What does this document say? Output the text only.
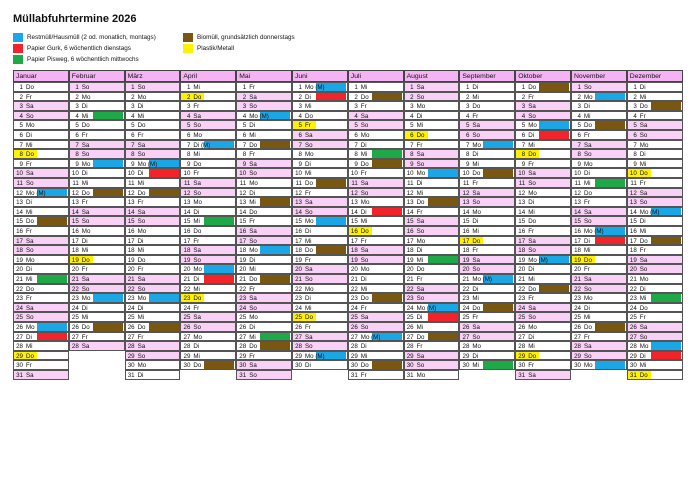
Müllabfuhrtermine 2026
Restmüll/Hausmüll (2 od. monatlich, montags)
Papier Gurk, 6 wöchentlich dienstags
Papier Pisweg, 6 wöchentlich mittwochs
Biomüll, grundsätzlich donnerstags
Plastik/Metall
Januar
1 Do
2 Fr
3 Sa
4 So
5 Mo
6 Di
7 Mi
8 Do
9 Fr
10 Sa
11 So
12 Mo (M)
13 Di
14 Mi
15 Do
16 Fr
17 Sa
18 So
19 Mo
20 Di
21 Mi
22 Do
23 Fr
24 Sa
25 So
26 Mo
27 Di
28 Mi
29 Do
30 Fr
31 Sa
Februar
1 So
2 Mo
3 Di
4 Mi
5 Do
6 Fr
7 Sa
8 So
9 Mo
10 Di
11 Mi
12 Do
13 Fr
14 Sa
15 So
16 Mo
17 Di
18 Mi
19 Do
20 Fr
21 Sa
22 So
23 Mo
24 Di
25 Mi
26 Do
27 Fr
28 Sa
März
1 So
2 Mo
3 Di
4 Mi
5 Do
6 Fr
7 Sa
8 So
9 Mo (M)
10 Di
11 Mi
12 Do
13 Fr
14 Sa
15 So
16 Mo
17 Di
18 Mi
19 Do
20 Fr
21 Sa
22 So
23 Mo
24 Di
25 Mi
26 Do
27 Fr
28 Sa
29 So
30 Mo
31 Di
April
1 Mi
2 Do
3 Fr
4 Sa
5 So
6 Mo
7 Di (M)
8 Mi
9 Do
10 Fr
11 Sa
12 So
13 Mo
14 Di
15 Mi
16 Do
17 Fr
18 Sa
19 So
20 Mo
21 Di
22 Mi
23 Do
24 Fr
25 Sa
26 So
27 Mo
28 Di
29 Mi
30 Do
Mai
1 Fr
2 Sa
3 So
4 Mo (M)
5 Di
6 Mi
7 Do
8 Fr
9 Sa
10 So
11 Mo
12 Di
13 Mi
14 Do
15 Fr
16 Sa
17 So
18 Mo
19 Di
20 Mi
21 Do
22 Fr
23 Sa
24 So
25 Mo
26 Di
27 Mi
28 Do
29 Fr
30 Sa
31 So
Juni
1 Mo (M)
2 Di
3 Mi
4 Do
5 Fr
6 Sa
7 So
8 Mo
9 Di
10 Mi
11 Do
12 Fr
13 Sa
14 So
15 Mo
16 Di
17 Mi
18 Do
19 Fr
20 Sa
21 So
22 Mo
23 Di
24 Mi
25 Do
26 Fr
27 Sa
28 So
29 Mo (M)
30 Di
Juli
1 Mi
2 Do
3 Fr
4 Sa
5 So
6 Mo
7 Di
8 Mi
9 Do
10 Fr
11 Sa
12 So
13 Mo
14 Di
15 Mi
16 Do
17 Fr
18 Sa
19 So
20 Mo
21 Di
22 Mi
23 Do
24 Fr
25 Sa
26 So
27 Mo (M)
28 Di
29 Mi
30 Do
31 Fr
August
1 Sa
2 So
3 Mo
4 Di
5 Mi
6 Do
7 Fr
8 Sa
9 So
10 Mo
11 Di
12 Mi
13 Do
14 Fr
15 Sa
16 So
17 Mo
18 Di
19 Mi
20 Do
21 Fr
22 Sa
23 So
24 Mo (M)
25 Di
26 Mi
27 Do
28 Fr
29 Sa
30 So
31 Mo
September
1 Di
2 Mi
3 Do
4 Fr
5 Sa
6 So
7 Mo
8 Di
9 Mi
10 Do
11 Fr
12 Sa
13 So
14 Mo
15 Di
16 Mi
17 Do
18 Fr
19 Sa
20 So
21 Mo (M)
22 Di
23 Mi
24 Do
25 Fr
26 Sa
27 So
28 Mo
29 Di
30 Mi
Oktober
1 Do
2 Fr
3 Sa
4 So
5 Mo
6 Di
7 Mi
8 Do
9 Fr
10 Sa
11 So
12 Mo
13 Di
14 Mi
15 Do
16 Fr
17 Sa
18 So
19 Mo (M)
20 Di
21 Mi
22 Do
23 Fr
24 Sa
25 So
26 Mo
27 Di
28 Mi
29 Do
30 Fr
31 Sa
November
1 So
2 Mo
3 Di
4 Mi
5 Do
6 Fr
7 Sa
8 So
9 Mo
10 Di
11 Mi
12 Do
13 Fr
14 Sa
15 So
16 Mo (M)
17 Di
18 Mi
19 Do
20 Fr
21 Sa
22 So
23 Mo
24 Di
25 Mi
26 Do
27 Fr
28 Sa
29 So
30 Mo
Dezember
1 Di
2 Mi
3 Do
4 Fr
5 Sa
6 So
7 Mo
8 Di
9 Mi
10 Do
11 Fr
12 Sa
13 So
14 Mo (M)
15 Di
16 Mi
17 Do
18 Fr
19 Sa
20 So
21 Mo
22 Di
23 Mi
24 Do
25 Fr
26 Sa
27 So
28 Mo
29 Di
30 Mi
31 Do
